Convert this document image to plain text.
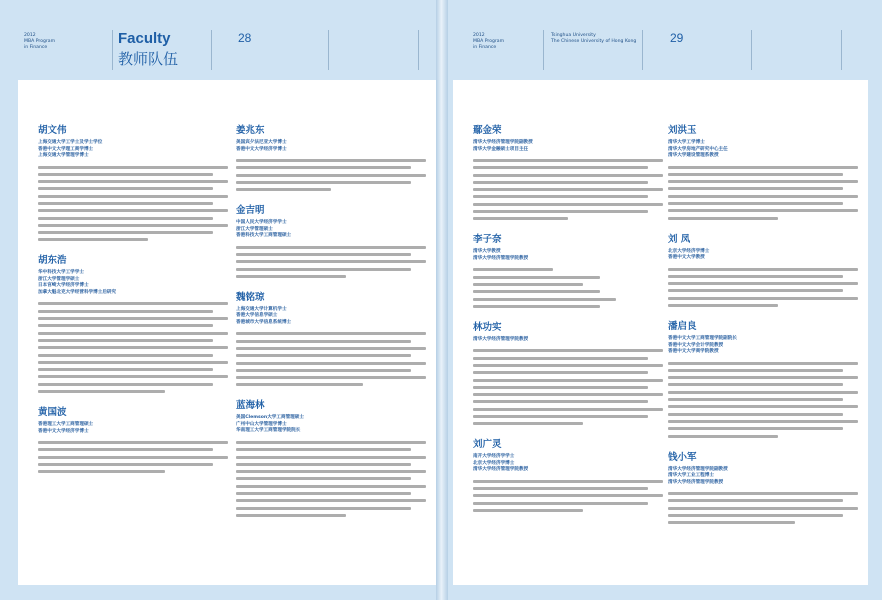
2012
MBA Program
in Finance
Faculty
教师队伍
28
胡文伟
上海交通大学工学士及学士学位
香港中文大学理工商学博士
上海交通大学管理学博士
胡东浩
华中科技大学工学学士
浙江大学管理学硕士
日本宫崎大学经济学博士
加拿大魁北克大学经营科学博士后研究
黄国波
香港理工大学工商管理硕士
香港中文大学经济学博士
姜兆东
美国宾夕法尼亚大学博士
香港中文大学经济学博士
金吉明
中国人民大学经济学学士
浙江大学管理硕士
香港科技大学工商管理硕士
魏铭琼
上海交通大学计算机学士
香港大学信息学硕士
香港城市大学信息系统博士
蓝海林
美国Clemson大学工商管理硕士
广州中山大学管理学博士
华南理工大学工商管理学院院长
2012
MBA Program
in Finance
Tsinghua University
The Chinese University of Hong Kong	29
鄢金荣
清华大学经济管理学院副教授
清华大学金融硕士项目主任
李子奈
清华大学教授
清华大学经济管理学院教授
林功实
清华大学经济管理学院教授
刘广灵
南开大学经济学学士
北京大学经济学博士
清华大学经济管理学院教授
刘洪玉
清华大学工学博士
清华大学房地产研究中心主任
清华大学建设管理系教授
刘 凤
北京大学经济学博士
香港中文大学教授
潘启良
香港中文大学工商管理学院副院长
香港中文大学会计学院教授
香港中文大学商学院教授
钱小军
清华大学经济管理学院副教授
清华大学工业工程博士
清华大学经济管理学院教授
